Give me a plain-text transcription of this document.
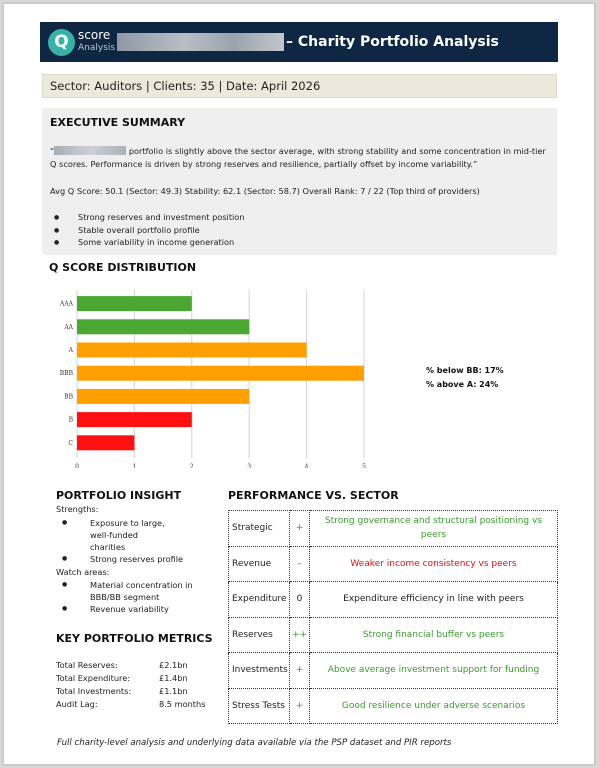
Q score
Analysis	– Charity Portfolio Analysis
Sector: Auditors | Clients: 35 | Date: April 2026
EXECUTIVE SUMMARY
“	portfolio is slightly above the sector average, with strong stability and some concentration in mid-tier Q scores. Performance is driven by strong reserves and resilience, partially offset by income variability.”
Avg Q Score: 50.1 (Sector: 49.3) Stability: 62.1 (Sector: 58.7) Overall Rank: 7 / 22 (Top third of providers)
● Strong reserves and investment position
● Stable overall portfolio profile
● Some variability in income generation
Q SCORE DISTRIBUTION
0	1	2	3	4	5
AAA
AA
A
BBB
BB
B
C
% below BB: 17%
% above A: 24%
PORTFOLIO INSIGHT
Strengths:
● Exposure to large, well-funded charities
● Strong reserves profile
Watch areas:
● Material concentration in BBB/BB segment
● Revenue variability
KEY PORTFOLIO METRICS
Total Reserves:	£2.1bn
Total Expenditure:	£1.4bn
Total Investments:	£1.1bn
Audit Lag:	8.5 months
PERFORMANCE VS. SECTOR
Strategic	+	Strong governance and structural positioning vs peers
Revenue	-	Weaker income consistency vs peers
Expenditure	0	Expenditure efficiency in line with peers
Reserves	++	Strong financial buffer vs peers
Investments	+	Above average investment support for funding
Stress Tests	+	Good resilience under adverse scenarios
Full charity-level analysis and underlying data available via the PSP dataset and PIR reports
